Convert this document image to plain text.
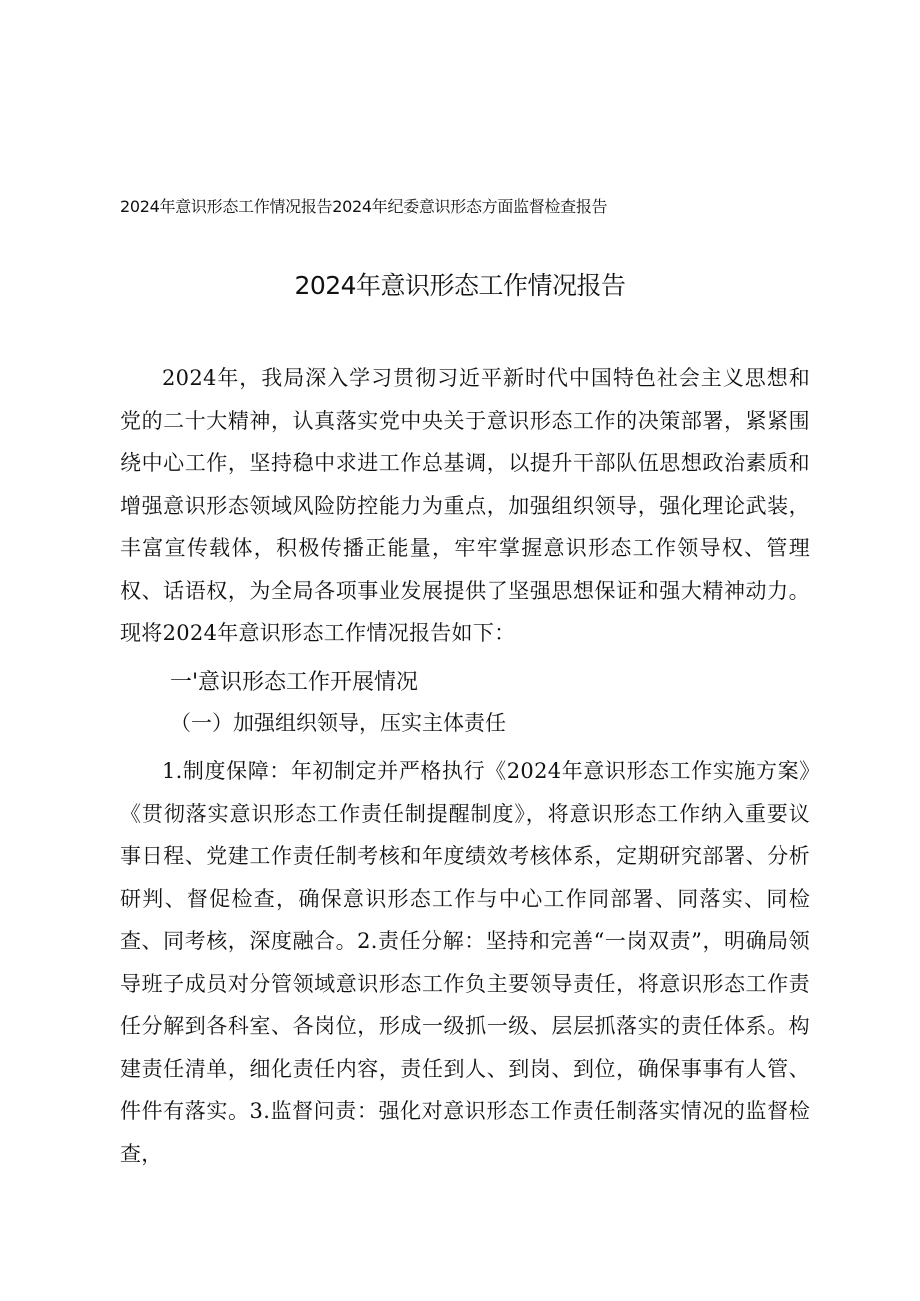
2024年意识形态工作情况报告2024年纪委意识形态方面监督检查报告
2024年意识形态工作情况报告
2024年，我局深入学习贯彻习近平新时代中国特色社会主义思想和党的二十大精神，认真落实党中央关于意识形态工作的决策部署，紧紧围绕中心工作，坚持稳中求进工作总基调，以提升干部队伍思想政治素质和增强意识形态领域风险防控能力为重点，加强组织领导，强化理论武装，丰富宣传载体，积极传播正能量，牢牢掌握意识形态工作领导权、管理权、话语权，为全局各项事业发展提供了坚强思想保证和强大精神动力。现将2024年意识形态工作情况报告如下：
一'意识形态工作开展情况
（一）加强组织领导，压实主体责任
1.制度保障：年初制定并严格执行《2024年意识形态工作实施方案》《贯彻落实意识形态工作责任制提醒制度》，将意识形态工作纳入重要议事日程、党建工作责任制考核和年度绩效考核体系，定期研究部署、分析研判、督促检查，确保意识形态工作与中心工作同部署、同落实、同检查、同考核，深度融合。2.责任分解：坚持和完善“一岗双责”，明确局领导班子成员对分管领域意识形态工作负主要领导责任，将意识形态工作责任分解到各科室、各岗位，形成一级抓一级、层层抓落实的责任体系。构建责任清单，细化责任内容，责任到人、到岗、到位，确保事事有人管、件件有落实。3.监督问责：强化对意识形态工作责任制落实情况的监督检查，
